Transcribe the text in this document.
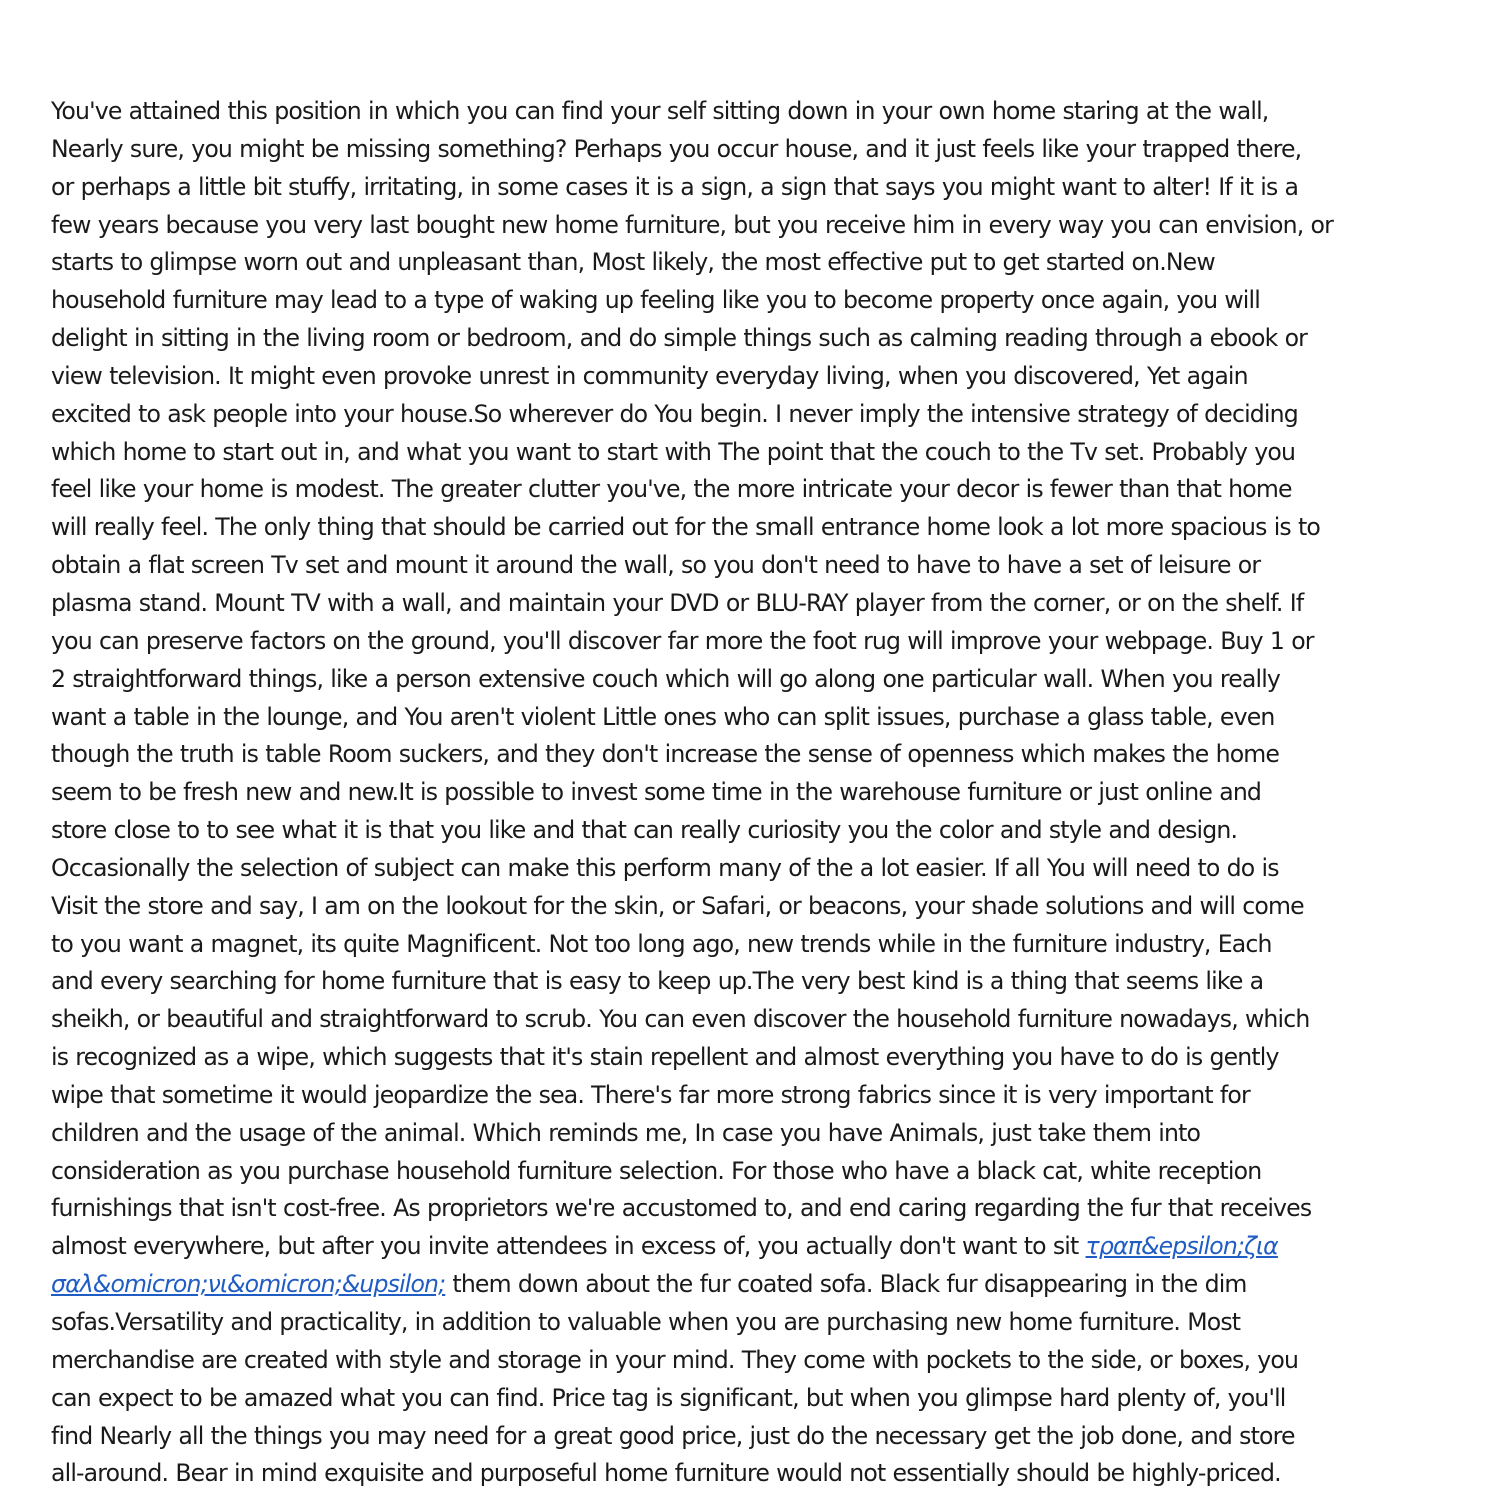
You've attained this position in which you can find your self sitting down in your own home staring at the wall,
Nearly sure, you might be missing something? Perhaps you occur house, and it just feels like your trapped there,
or perhaps a little bit stuffy, irritating, in some cases it is a sign, a sign that says you might want to alter! If it is a
few years because you very last bought new home furniture, but you receive him in every way you can envision, or
starts to glimpse worn out and unpleasant than, Most likely, the most effective put to get started on.New
household furniture may lead to a type of waking up feeling like you to become property once again, you will
delight in sitting in the living room or bedroom, and do simple things such as calming reading through a ebook or
view television. It might even provoke unrest in community everyday living, when you discovered, Yet again
excited to ask people into your house.So wherever do You begin. I never imply the intensive strategy of deciding
which home to start out in, and what you want to start with The point that the couch to the Tv set. Probably you
feel like your home is modest. The greater clutter you've, the more intricate your decor is fewer than that home
will really feel. The only thing that should be carried out for the small entrance home look a lot more spacious is to
obtain a flat screen Tv set and mount it around the wall, so you don't need to have to have a set of leisure or
plasma stand. Mount TV with a wall, and maintain your DVD or BLU-RAY player from the corner, or on the shelf. If
you can preserve factors on the ground, you'll discover far more the foot rug will improve your webpage. Buy 1 or
2 straightforward things, like a person extensive couch which will go along one particular wall. When you really
want a table in the lounge, and You aren't violent Little ones who can split issues, purchase a glass table, even
though the truth is table Room suckers, and they don't increase the sense of openness which makes the home
seem to be fresh new and new.It is possible to invest some time in the warehouse furniture or just online and
store close to to see what it is that you like and that can really curiosity you the color and style and design.
Occasionally the selection of subject can make this perform many of the a lot easier. If all You will need to do is
Visit the store and say, I am on the lookout for the skin, or Safari, or beacons, your shade solutions and will come
to you want a magnet, its quite Magnificent. Not too long ago, new trends while in the furniture industry, Each
and every searching for home furniture that is easy to keep up.The very best kind is a thing that seems like a
sheikh, or beautiful and straightforward to scrub. You can even discover the household furniture nowadays, which
is recognized as a wipe, which suggests that it's stain repellent and almost everything you have to do is gently
wipe that sometime it would jeopardize the sea. There's far more strong fabrics since it is very important for
children and the usage of the animal. Which reminds me, In case you have Animals, just take them into
consideration as you purchase household furniture selection. For those who have a black cat, white reception
furnishings that isn't cost-free. As proprietors we're accustomed to, and end caring regarding the fur that receives
almost everywhere, but after you invite attendees in excess of, you actually don't want to sit τραπ&epsilon;ζια
σαλ&omicron;νι&omicron;&upsilon; them down about the fur coated sofa. Black fur disappearing in the dim
sofas.Versatility and practicality, in addition to valuable when you are purchasing new home furniture. Most
merchandise are created with style and storage in your mind. They come with pockets to the side, or boxes, you
can expect to be amazed what you can find. Price tag is significant, but when you glimpse hard plenty of, you'll
find Nearly all the things you may need for a great good price, just do the necessary get the job done, and store
all-around. Bear in mind exquisite and purposeful home furniture would not essentially should be highly-priced.
